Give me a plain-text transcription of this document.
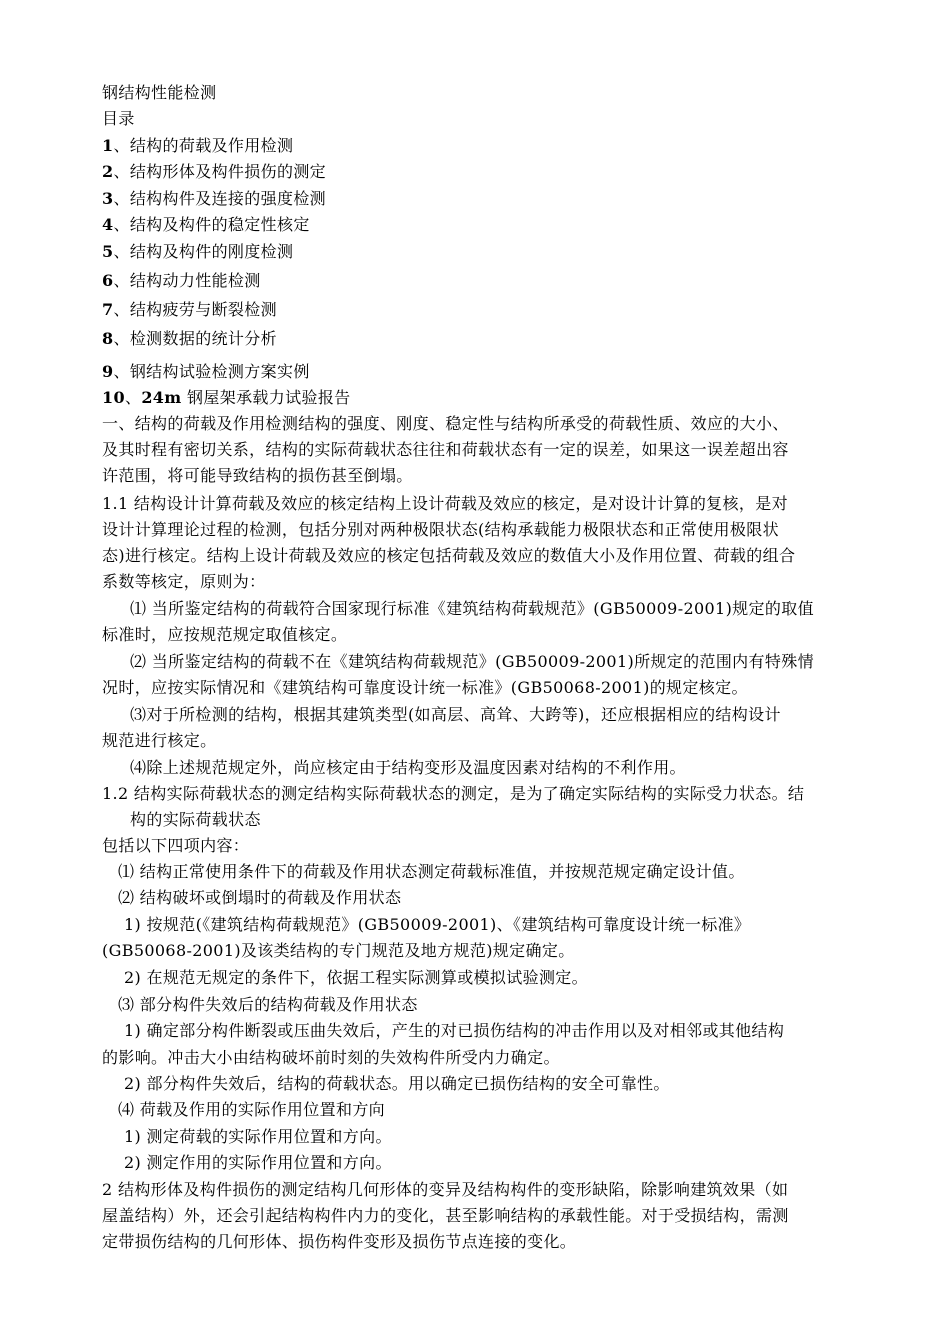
钢结构性能检测
目录
1、结构的荷载及作用检测
2、结构形体及构件损伤的测定
3、结构构件及连接的强度检测
4、结构及构件的稳定性核定
5、结构及构件的刚度检测
6、结构动力性能检测
7、结构疲劳与断裂检测
8、检测数据的统计分析
9、钢结构试验检测方案实例
10、24m 钢屋架承载力试验报告
一、结构的荷载及作用检测结构的强度、刚度、稳定性与结构所承受的荷载性质、效应的大小、
及其时程有密切关系，结构的实际荷载状态往往和荷载状态有一定的误差，如果这一误差超出容
许范围，将可能导致结构的损伤甚至倒塌。
1.1 结构设计计算荷载及效应的核定结构上设计荷载及效应的核定，是对设计计算的复核，是对
设计计算理论过程的检测，包括分别对两种极限状态(结构承载能力极限状态和正常使用极限状
态)进行核定。结构上设计荷载及效应的核定包括荷载及效应的数值大小及作用位置、荷载的组合
系数等核定，原则为：
⑴ 当所鉴定结构的荷载符合国家现行标准《建筑结构荷载规范》(GB50009-2001)规定的取值
标准时，应按规范规定取值核定。
⑵ 当所鉴定结构的荷载不在《建筑结构荷载规范》(GB50009-2001)所规定的范围内有特殊情
况时，应按实际情况和《建筑结构可靠度设计统一标准》(GB50068-2001)的规定核定。
⑶对于所检测的结构，根据其建筑类型(如高层、高耸、大跨等)，还应根据相应的结构设计
规范进行核定。
⑷除上述规范规定外，尚应核定由于结构变形及温度因素对结构的不利作用。
1.2 结构实际荷载状态的测定结构实际荷载状态的测定，是为了确定实际结构的实际受力状态。结
构的实际荷载状态
包括以下四项内容：
⑴ 结构正常使用条件下的荷载及作用状态测定荷载标准值，并按规范规定确定设计值。
⑵ 结构破坏或倒塌时的荷载及作用状态
1) 按规范(《建筑结构荷载规范》(GB50009-2001)、《建筑结构可靠度设计统一标准》
(GB50068-2001)及该类结构的专门规范及地方规范)规定确定。
2) 在规范无规定的条件下，依据工程实际测算或模拟试验测定。
⑶ 部分构件失效后的结构荷载及作用状态
1) 确定部分构件断裂或压曲失效后，产生的对已损伤结构的冲击作用以及对相邻或其他结构
的影响。冲击大小由结构破坏前时刻的失效构件所受内力确定。
2) 部分构件失效后，结构的荷载状态。用以确定已损伤结构的安全可靠性。
⑷ 荷载及作用的实际作用位置和方向
1) 测定荷载的实际作用位置和方向。
2) 测定作用的实际作用位置和方向。
2 结构形体及构件损伤的测定结构几何形体的变异及结构构件的变形缺陷，除影响建筑效果（如
屋盖结构）外，还会引起结构构件内力的变化，甚至影响结构的承载性能。对于受损结构，需测
定带损伤结构的几何形体、损伤构件变形及损伤节点连接的变化。
